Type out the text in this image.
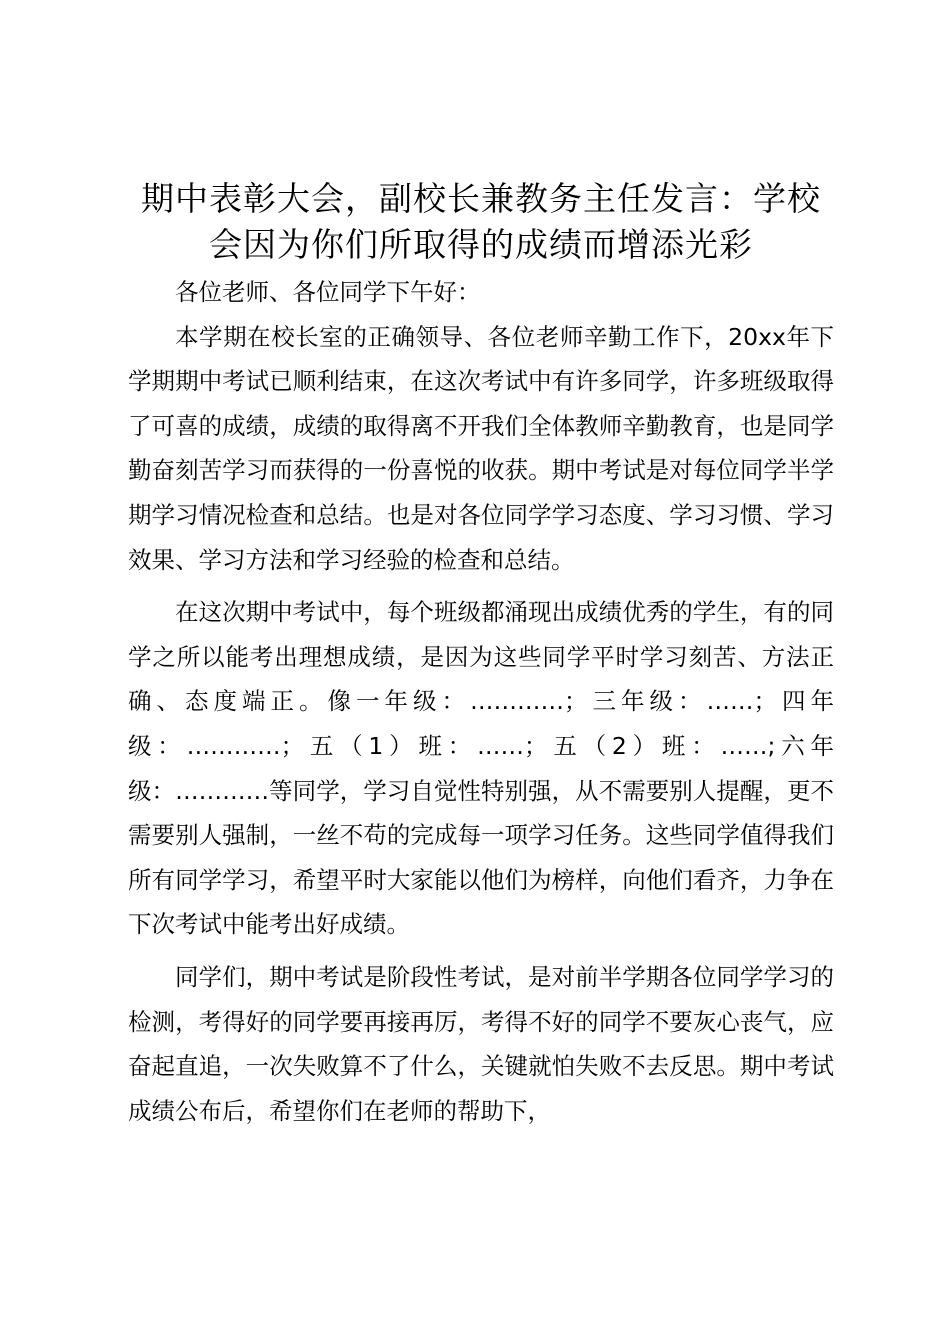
期中表彰大会，副校长兼教务主任发言：学校会因为你们所取得的成绩而增添光彩

各位老师、各位同学下午好：

本学期在校长室的正确领导、各位老师辛勤工作下，20xx年下学期期中考试已顺利结束，在这次考试中有许多同学，许多班级取得了可喜的成绩，成绩的取得离不开我们全体教师辛勤教育，也是同学勤奋刻苦学习而获得的一份喜悦的收获。期中考试是对每位同学半学期学习情况检查和总结。也是对各位同学学习态度、学习习惯、学习效果、学习方法和学习经验的检查和总结。

在这次期中考试中，每个班级都涌现出成绩优秀的学生，有的同学之所以能考出理想成绩，是因为这些同学平时学习刻苦、方法正确、态度端正。像一年级：…………；三年级：……；四年级：…………；五（1）班：……；五（2）班：……;六年级：…………等同学，学习自觉性特别强，从不需要别人提醒，更不需要别人强制，一丝不苟的完成每一项学习任务。这些同学值得我们所有同学学习，希望平时大家能以他们为榜样，向他们看齐，力争在下次考试中能考出好成绩。

同学们，期中考试是阶段性考试，是对前半学期各位同学学习的检测，考得好的同学要再接再厉，考得不好的同学不要灰心丧气，应奋起直追，一次失败算不了什么，关键就怕失败不去反思。期中考试成绩公布后，希望你们在老师的帮助下，
